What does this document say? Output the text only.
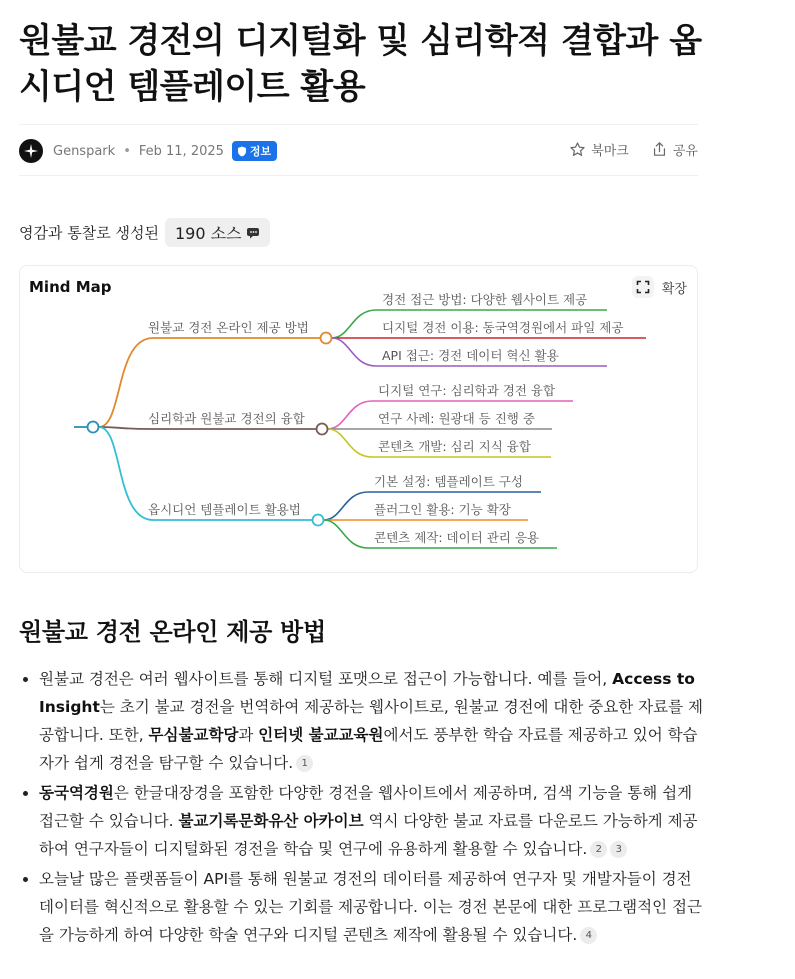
원불교 경전의 디지털화 및 심리학적 결합과 옵시디언 템플레이트 활용
Genspark • Feb 11, 2025 정보	북마크	공유
영감과 통찰로 생성된 190 소스
원불교 경전 온라인 제공 방법
경전 접근 방법: 다양한 웹사이트 제공
디지털 경전 이용: 동국역경원에서 파일 제공
API 접근: 경전 데이터 혁신 활용
심리학과 원불교 경전의 융합
디지털 연구: 심리학과 경전 융합
연구 사례: 원광대 등 진행 중
콘텐츠 개발: 심리 지식 융합
옵시디언 템플레이트 활용법
기본 설정: 템플레이트 구성
플러그인 활용: 기능 확장
콘텐츠 제작: 데이터 관리 응용
Mind Map	확장
원불교 경전 온라인 제공 방법
원불교 경전은 여러 웹사이트를 통해 디지털 포맷으로 접근이 가능합니다. 예를 들어, Access to Insight는 초기 불교 경전을 번역하여 제공하는 웹사이트로, 원불교 경전에 대한 중요한 자료를 제공합니다. 또한, 무심불교학당과 인터넷 불교교육원에서도 풍부한 학습 자료를 제공하고 있어 학습자가 쉽게 경전을 탐구할 수 있습니다. 1
동국역경원은 한글대장경을 포함한 다양한 경전을 웹사이트에서 제공하며, 검색 기능을 통해 쉽게 접근할 수 있습니다. 불교기록문화유산 아카이브 역시 다양한 불교 자료를 다운로드 가능하게 제공하여 연구자들이 디지털화된 경전을 학습 및 연구에 유용하게 활용할 수 있습니다. 2 3
오늘날 많은 플랫폼들이 API를 통해 원불교 경전의 데이터를 제공하여 연구자 및 개발자들이 경전 데이터를 혁신적으로 활용할 수 있는 기회를 제공합니다. 이는 경전 본문에 대한 프로그램적인 접근을 가능하게 하여 다양한 학술 연구와 디지털 콘텐츠 제작에 활용될 수 있습니다. 4
